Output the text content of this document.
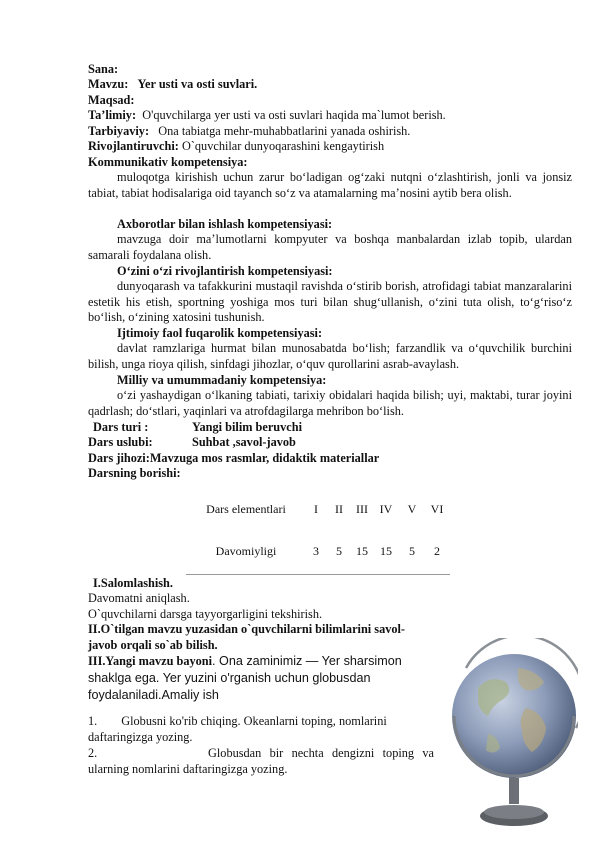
Sana:
Mavzu: Yer usti va osti suvlari.
Maqsad:
Ta’limiy: O'quvchilarga yer usti va osti suvlari haqida ma`lumot berish.
Tarbiyaviy: Ona tabiatga mehr-muhabbatlarini yanada oshirish.
Rivojlantiruvchi: O`quvchilar dunyoqarashini kengaytirish
Kommunikativ kompetensiya:
muloqotga kirishish uchun zarur bo‘ladigan og‘zaki nutqni o‘zlashtirish, jonli va jonsiz tabiat, tabiat hodisalariga oid tayanch so‘z va atamalarning ma’nosini aytib bera olish.
Axborotlar bilan ishlash kompetensiyasi:
mavzuga doir ma’lumotlarni kompyuter va boshqa manbalardan izlab topib, ulardan samarali foydalana olish.
O‘zini o‘zi rivojlantirish kompetensiyasi:
dunyoqarash va tafakkurini mustaqil ravishda o‘stirib borish, atrofidagi tabiat manzaralarini estetik his etish, sportning yoshiga mos turi bilan shug‘ullanish, o‘zini tuta olish, to‘g‘riso‘z bo‘lish, o‘zining xatosini tushunish.
Ijtimoiy faol fuqarolik kompetensiyasi:
davlat ramzlariga hurmat bilan munosabatda bo‘lish; farzandlik va o‘quvchilik burchini bilish, unga rioya qilish, sinfdagi jihozlar, o‘quv qurollarini asrab-avaylash.
Milliy va umummadaniy kompetensiya:
o‘zi yashaydigan o‘lkaning tabiati, tarixiy obidalari haqida bilish; uyi, maktabi, turar joyini qadrlash; do‘stlari, yaqinlari va atrofdagilarga mehribon bo‘lish.
Dars turi :	Yangi bilim beruvchi
Dars uslubi:	Suhbat ,savol-javob
Dars jihozi:Mavzuga mos rasmlar, didaktik materiallar
Darsning borishi:
Dars elementlari	I	II	III	IV	V	VI
Davomiyligi	3	5	15	15	5	2
I.Salomlashish.
Davomatni aniqlash.
O`quvchilarni darsga tayyorgarligini tekshirish.
II.O`tilgan mavzu yuzasidan o`quvchilarni bilimlarini savol-
javob orqali so`ab bilish.
III.Yangi mavzu bayoni. Ona zaminimiz — Yer sharsimon
shaklga ega. Yer yuzini o'rganish uchun globusdan
foydalaniladi.Amaliy ish
1. Globusni ko'rib chiqing. Okeanlarni toping, nomlarini
daftaringizga yozing.
2.	Globusdan bir nechta dengizni toping va
ularning nomlarini daftaringizga yozing.
